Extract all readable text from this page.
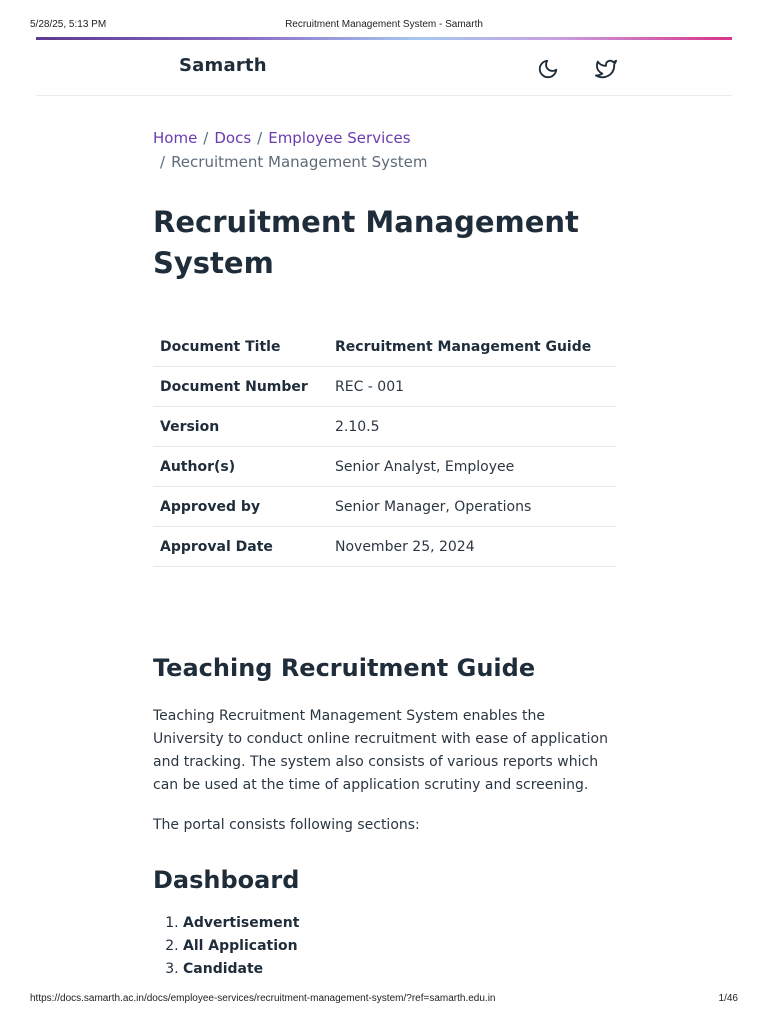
5/28/25, 5:13 PM	Recruitment Management System - Samarth
Samarth
Home / Docs / Employee Services
/ Recruitment Management System
Recruitment Management System
Document Title	Recruitment Management Guide
Document Number	REC - 001
Version	2.10.5
Author(s)	Senior Analyst, Employee
Approved by	Senior Manager, Operations
Approval Date	November 25, 2024
Teaching Recruitment Guide

Teaching Recruitment Management System enables the University to conduct online recruitment with ease of application and tracking. The system also consists of various reports which can be used at the time of application scrutiny and screening.

The portal consists following sections:

Dashboard
1. Advertisement
2. All Application
3. Candidate
https://docs.samarth.ac.in/docs/employee-services/recruitment-management-system/?ref=samarth.edu.in	1/46
